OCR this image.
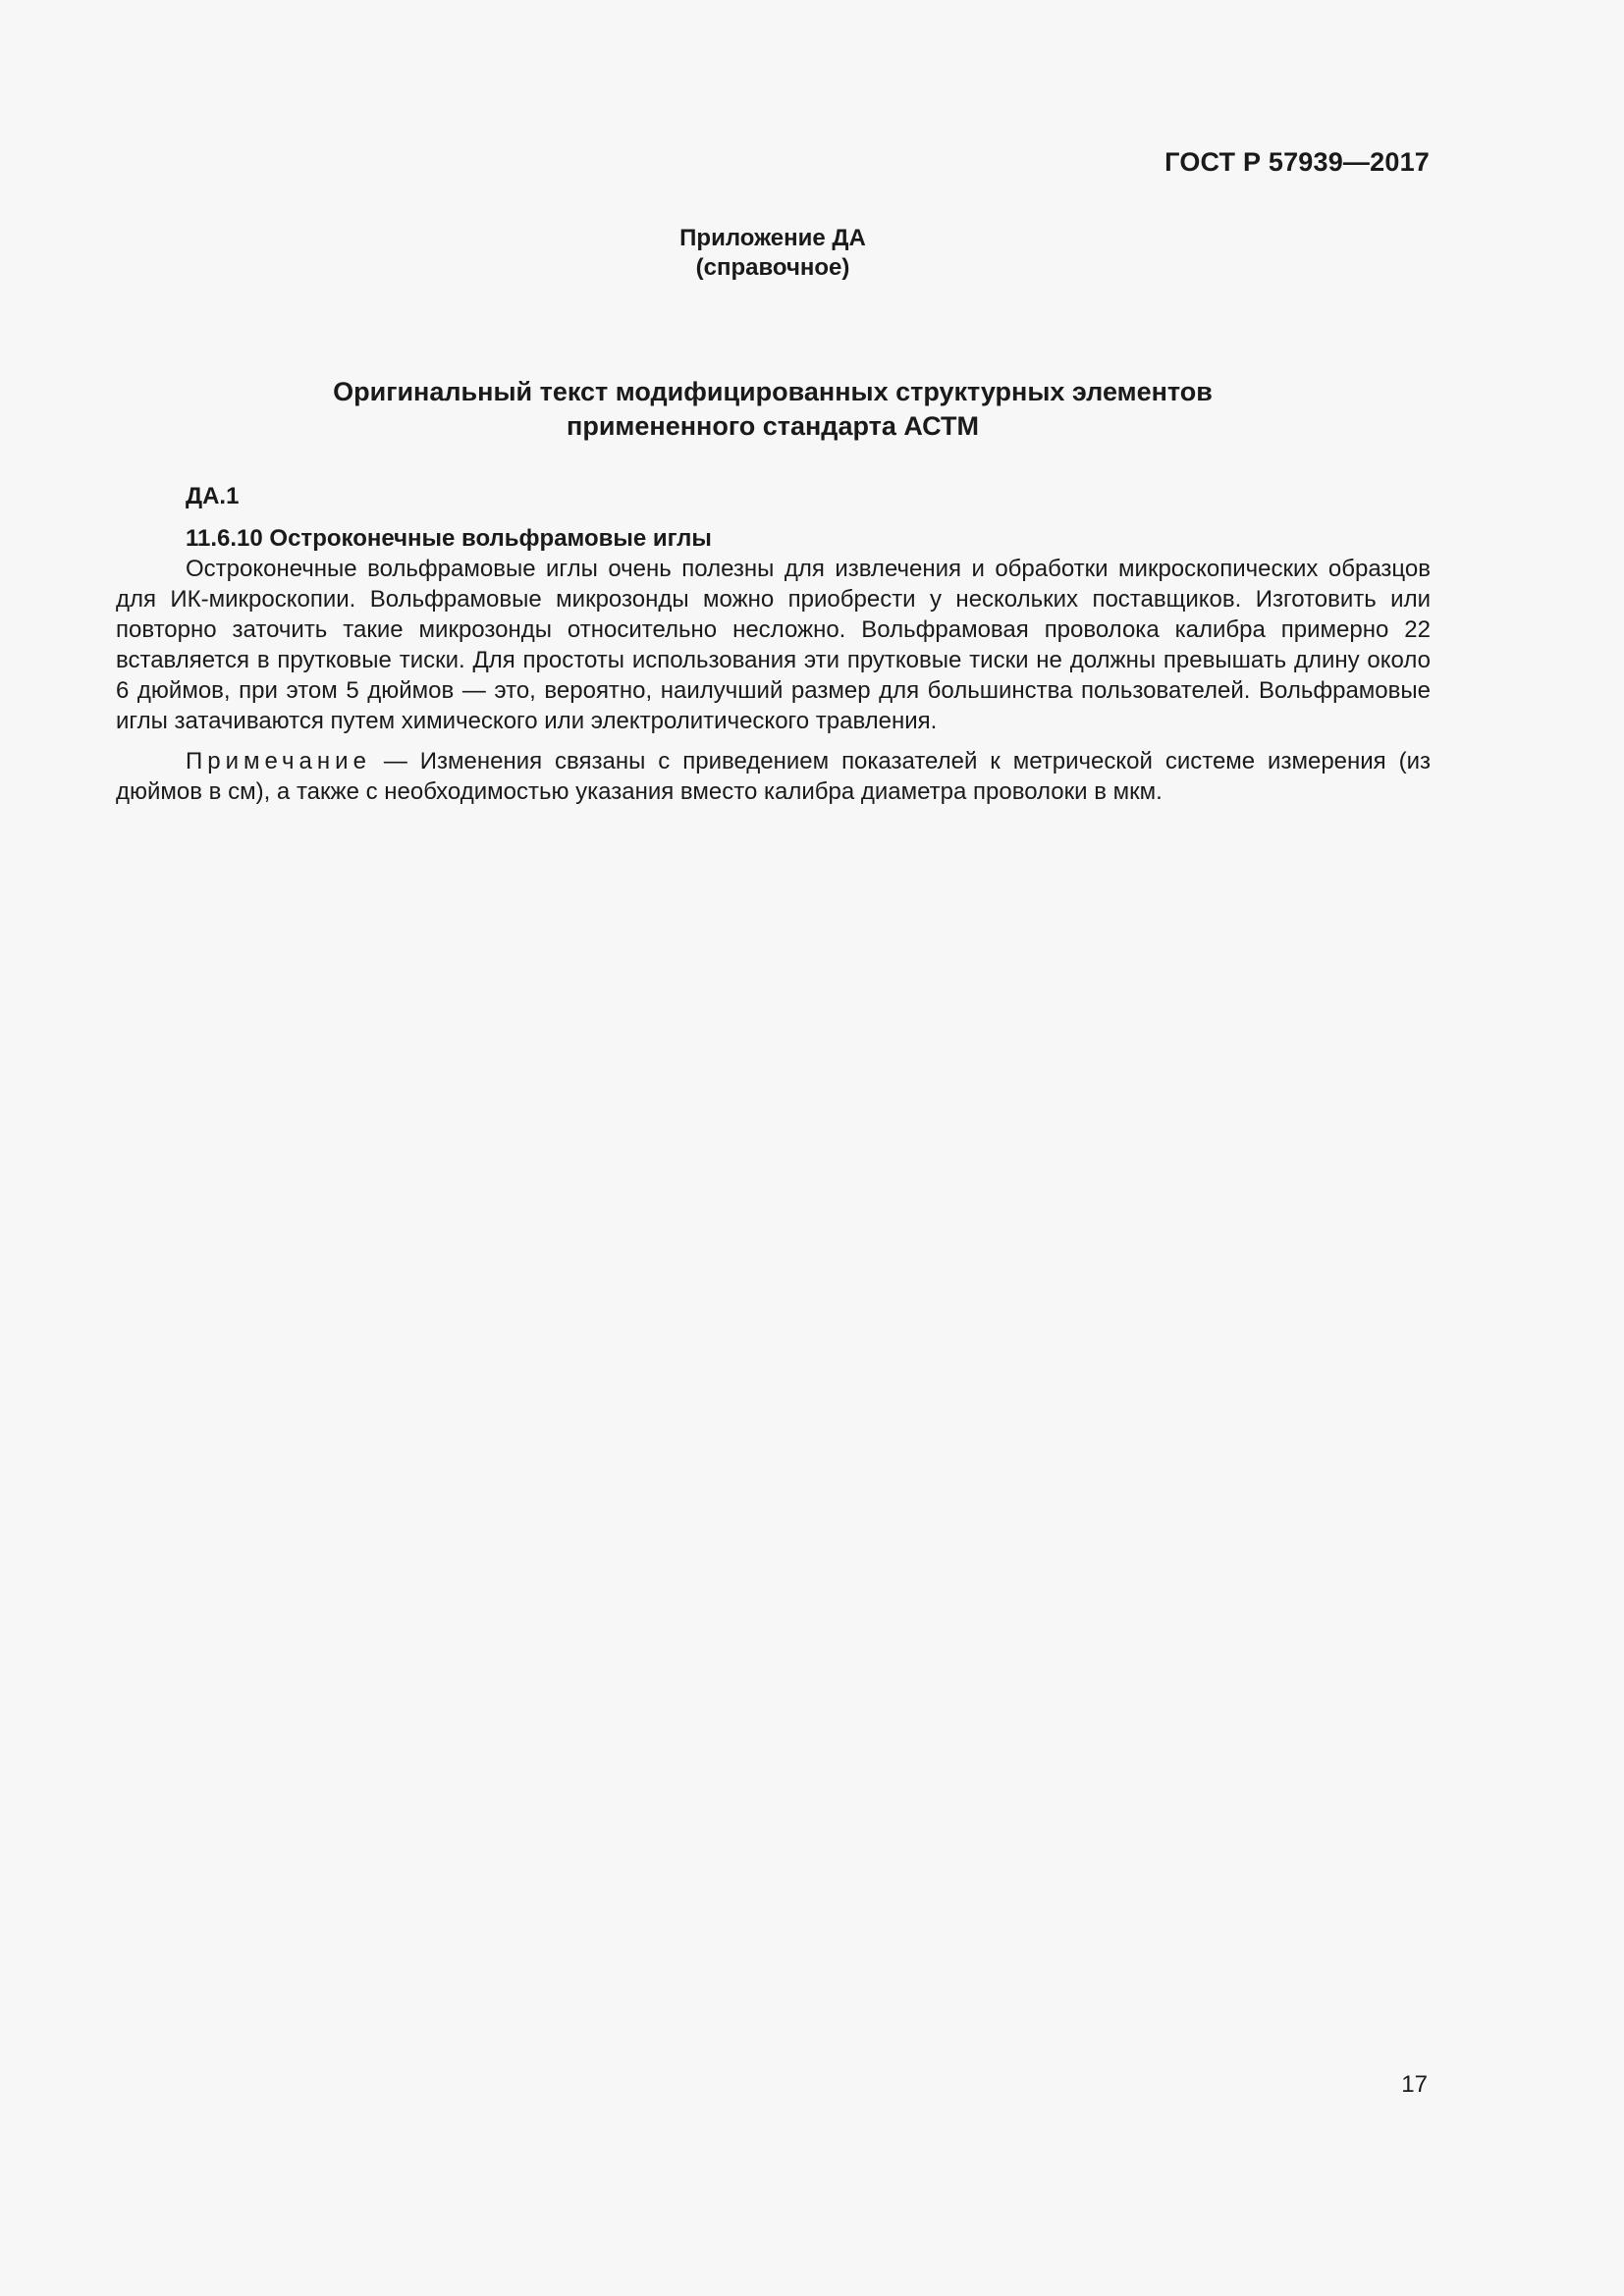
ГОСТ Р 57939—2017
Приложение ДА
(справочное)
Оригинальный текст модифицированных структурных элементов
примененного стандарта АСТМ
ДА.1
11.6.10 Остроконечные вольфрамовые иглы

Остроконечные вольфрамовые иглы очень полезны для извлечения и обработки микроскопических образцов для ИК-микроскопии. Вольфрамовые микрозонды можно приобрести у нескольких поставщиков. Изготовить или повторно заточить такие микрозонды относительно несложно. Вольфрамовая проволока калибра примерно 22 вставляется в прутковые тиски. Для простоты использования эти прутковые тиски не должны превышать длину около 6 дюймов, при этом 5 дюймов — это, вероятно, наилучший размер для большинства пользователей. Вольфрамовые иглы затачиваются путем химического или электролитического травления.

Примечание — Изменения связаны с приведением показателей к метрической системе измерения (из дюймов в см), а также с необходимостью указания вместо калибра диаметра проволоки в мкм.

17
